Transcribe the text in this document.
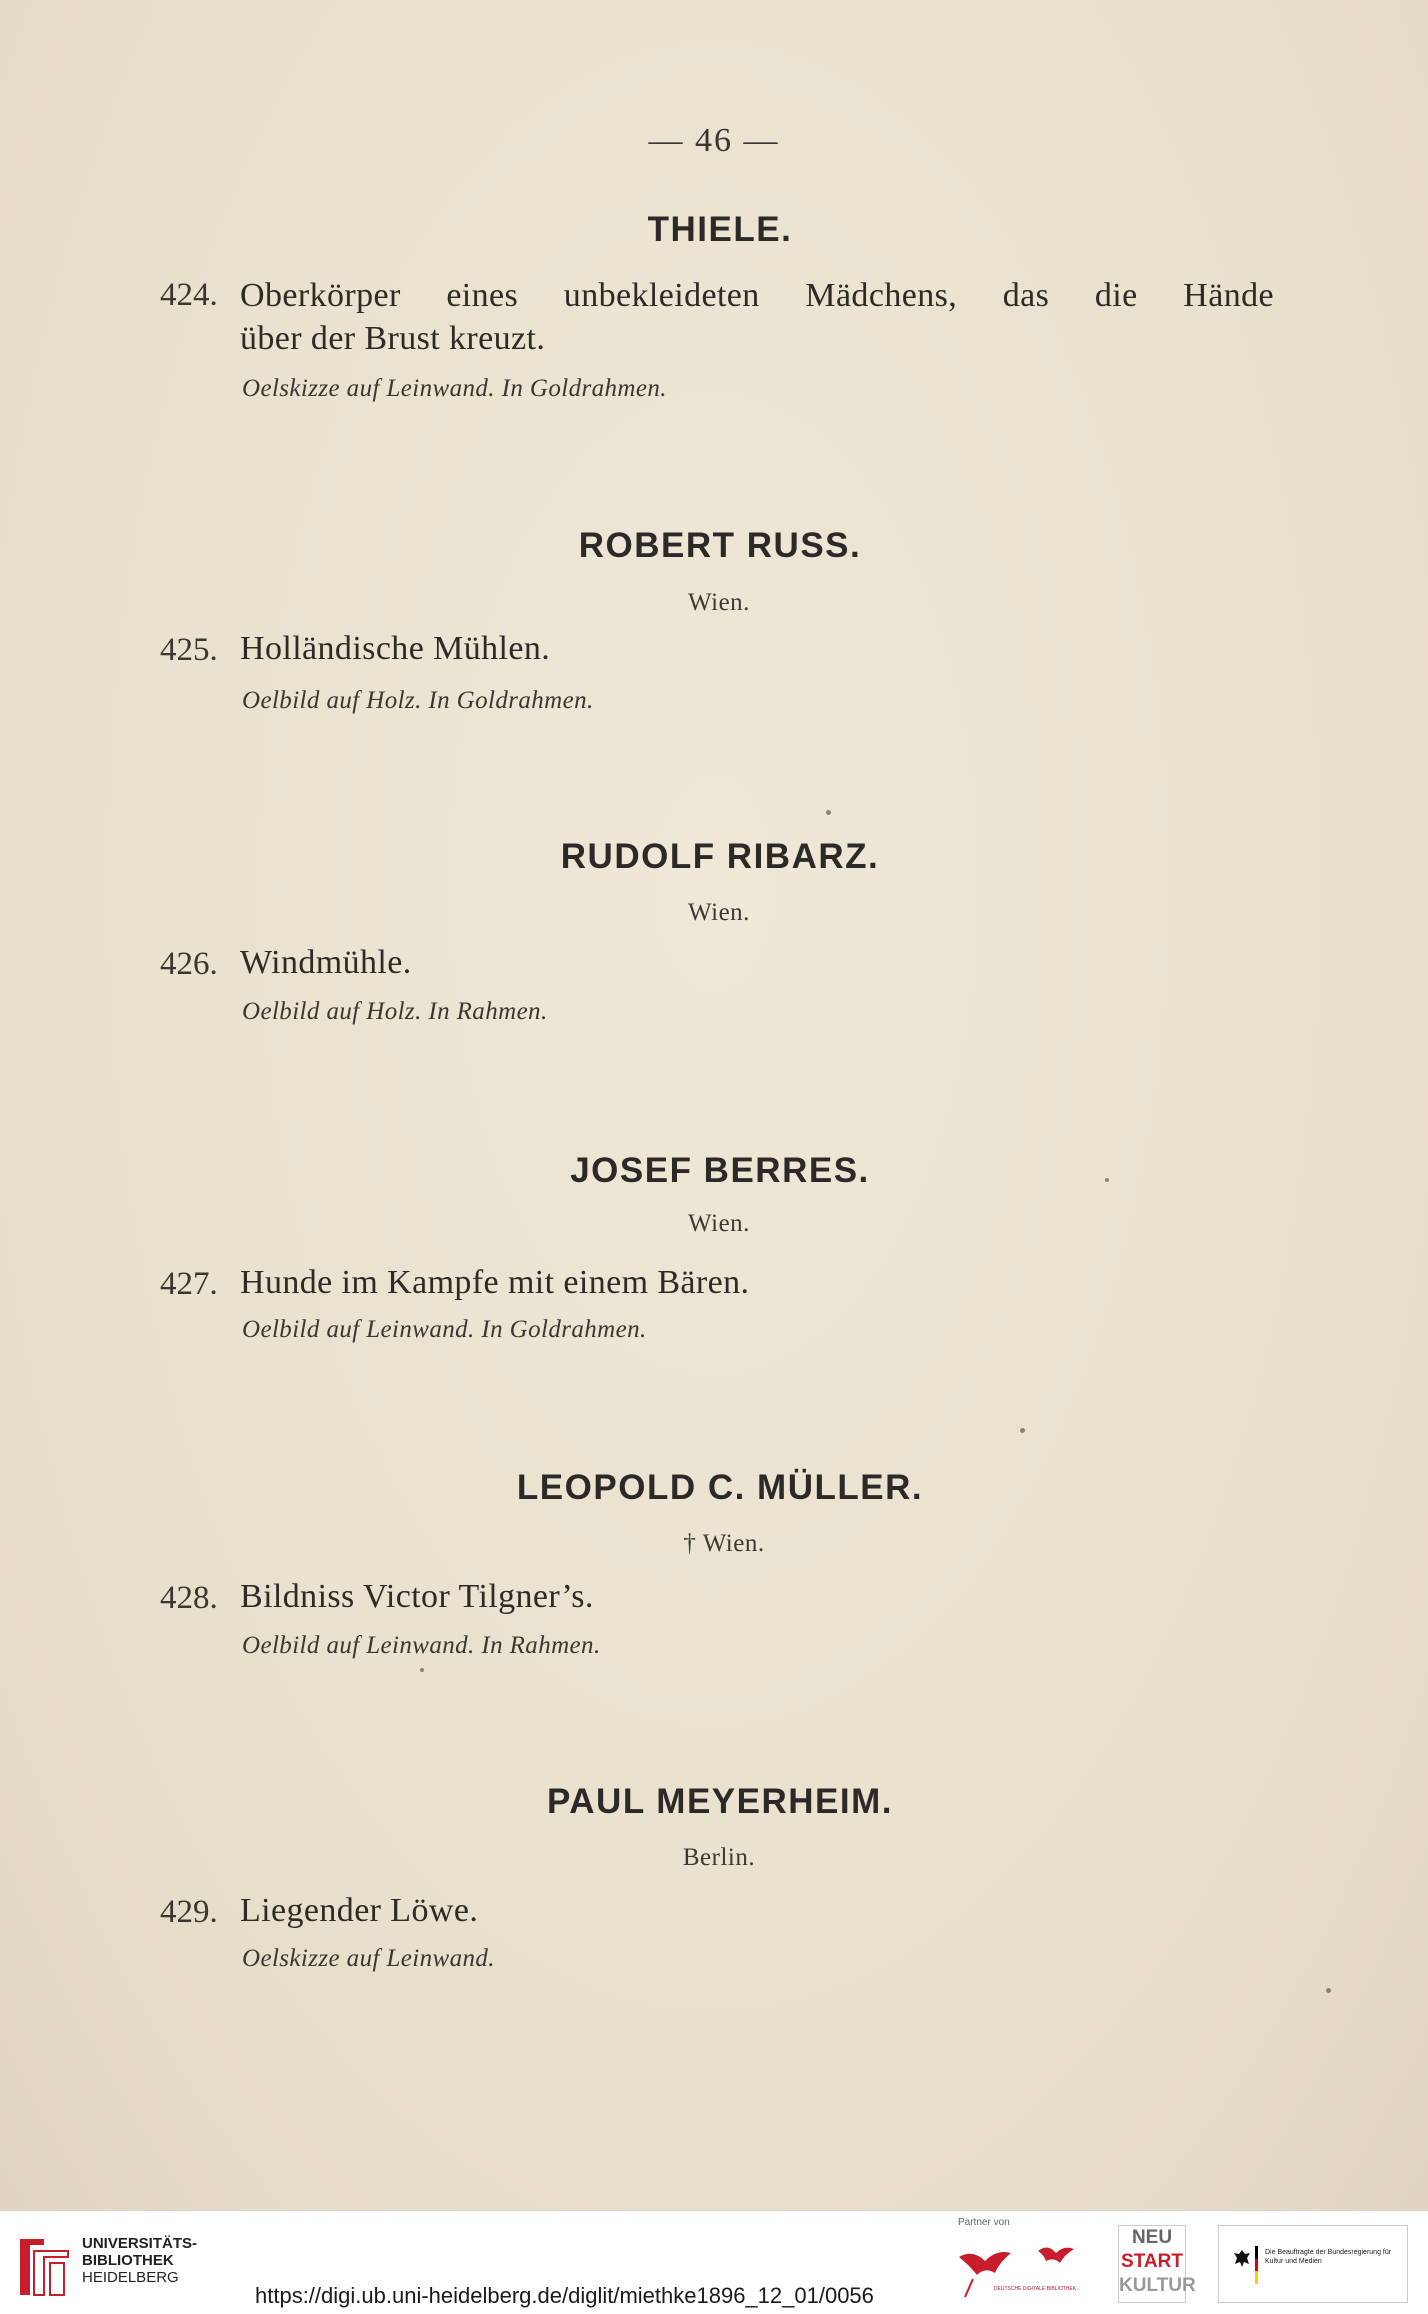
— 46 —
THIELE.
424. Oberkörper eines unbekleideten Mädchens, das die Hände
über der Brust kreuzt.
Oelskizze auf Leinwand. In Goldrahmen.
ROBERT RUSS.
Wien.
425. Holländische Mühlen.
Oelbild auf Holz. In Goldrahmen.
RUDOLF RIBARZ.
Wien.
426. Windmühle.
Oelbild auf Holz. In Rahmen.
JOSEF BERRES.
Wien.
427. Hunde im Kampfe mit einem Bären.
Oelbild auf Leinwand. In Goldrahmen.
LEOPOLD C. MÜLLER.
† Wien.
428. Bildniss Victor Tilgner’s.
Oelbild auf Leinwand. In Rahmen.
PAUL MEYERHEIM.
Berlin.
429. Liegender Löwe.
Oelskizze auf Leinwand.
UNIVERSITÄTS-
BIBLIOTHEK
HEIDELBERG
https://digi.ub.uni-heidelberg.de/diglit/miethke1896_12_01/0056
Partner von
DEUTSCHE DIGITALE BIBLIOTHEK
NEU
START
KULTUR
Die Beauftragte der Bundesregierung für Kultur und Medien
